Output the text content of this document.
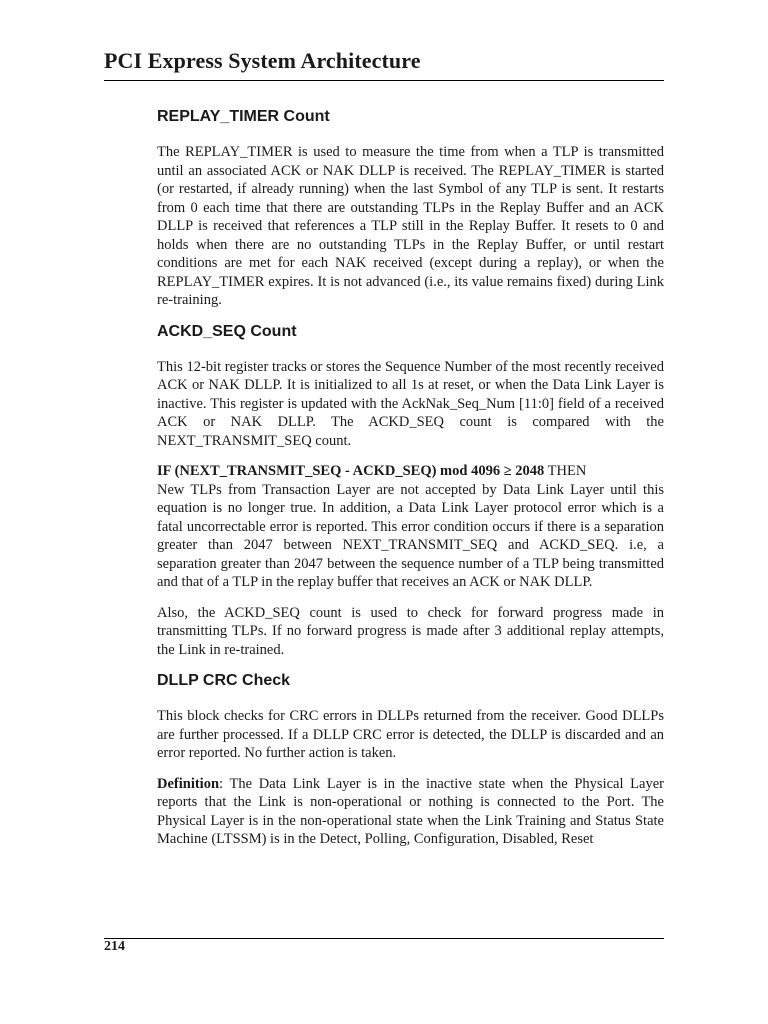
PCI Express System Architecture
REPLAY_TIMER Count

The REPLAY_TIMER is used to measure the time from when a TLP is transmitted until an associated ACK or NAK DLLP is received. The REPLAY_TIMER is started (or restarted, if already running) when the last Symbol of any TLP is sent. It restarts from 0 each time that there are outstanding TLPs in the Replay Buffer and an ACK DLLP is received that references a TLP still in the Replay Buffer. It resets to 0 and holds when there are no outstanding TLPs in the Replay Buffer, or until restart conditions are met for each NAK received (except during a replay), or when the REPLAY_TIMER expires. It is not advanced (i.e., its value remains fixed) during Link re-training.

ACKD_SEQ Count

This 12-bit register tracks or stores the Sequence Number of the most recently received ACK or NAK DLLP. It is initialized to all 1s at reset, or when the Data Link Layer is inactive. This register is updated with the AckNak_Seq_Num [11:0] field of a received ACK or NAK DLLP. The ACKD_SEQ count is compared with the NEXT_TRANSMIT_SEQ count.

IF (NEXT_TRANSMIT_SEQ - ACKD_SEQ) mod 4096 ≥ 2048 THEN

New TLPs from Transaction Layer are not accepted by Data Link Layer until this equation is no longer true. In addition, a Data Link Layer protocol error which is a fatal uncorrectable error is reported. This error condition occurs if there is a separation greater than 2047 between NEXT_TRANSMIT_SEQ and ACKD_SEQ. i.e, a separation greater than 2047 between the sequence number of a TLP being transmitted and that of a TLP in the replay buffer that receives an ACK or NAK DLLP.

Also, the ACKD_SEQ count is used to check for forward progress made in transmitting TLPs. If no forward progress is made after 3 additional replay attempts, the Link in re-trained.

DLLP CRC Check

This block checks for CRC errors in DLLPs returned from the receiver. Good DLLPs are further processed. If a DLLP CRC error is detected, the DLLP is discarded and an error reported. No further action is taken.

Definition: The Data Link Layer is in the inactive state when the Physical Layer reports that the Link is non-operational or nothing is connected to the Port. The Physical Layer is in the non-operational state when the Link Training and Status State Machine (LTSSM) is in the Detect, Polling, Configuration, Disabled, Reset

214
